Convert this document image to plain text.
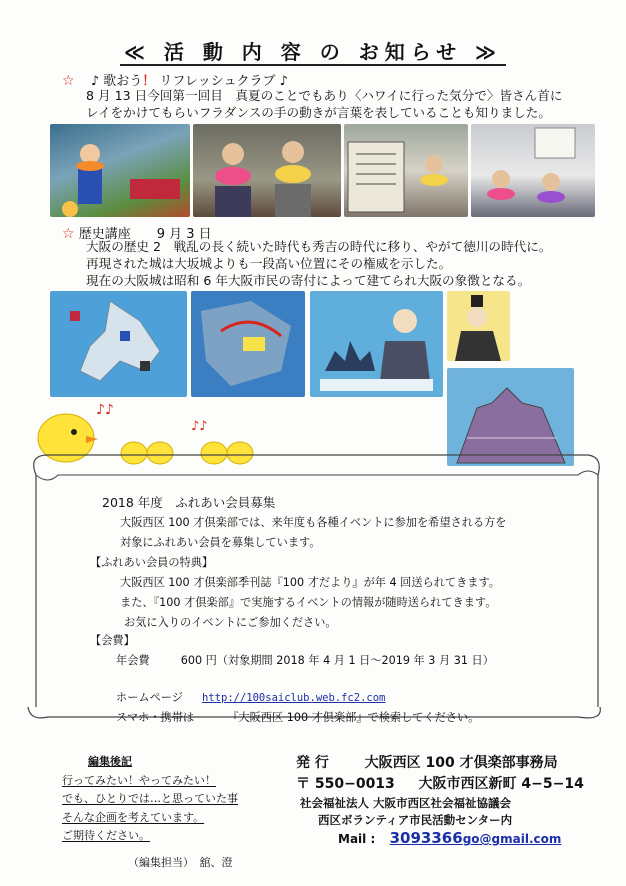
≪ 活 動 内 容 の お知らせ ≫
☆ ♪ 歌おう！ リフレッシュクラブ ♪
8 月 13 日今回第一回目　真夏のことでもあり〈ハワイに行った気分で〉皆さん首に
レイをかけてもらいフラダンスの手の動きが言葉を表していることも知りました。
☆ 歴史講座　　9 月 3 日
大阪の歴史 2　戦乱の長く続いた時代も秀吉の時代に移り、やがて徳川の時代に。
再現された城は大坂城よりも一段高い位置にその権威を示した。
現在の大阪城は昭和 6 年大阪市民の寄付によって建てられ大阪の象徴となる。
♪♪
♪♪
2018 年度　ふれあい会員募集
大阪西区 100 才倶楽部では、来年度も各種イベントに参加を希望される方を
対象にふれあい会員を募集しています。
【ふれあい会員の特典】
大阪西区 100 才倶楽部季刊誌『100 才だより』が年 4 回送られてきます。
また、『100 才倶楽部』で実施するイベントの情報が随時送られてきます。
お気に入りのイベントにご参加ください。
【会費】
年会費	600 円（対象期間 2018 年 4 月 1 日〜2019 年 3 月 31 日）
ホームページ http://100saiclub.web.fc2.com
スマホ・携帯は	『大阪西区 100 才倶楽部』で検索してください。
編集後記
行ってみたい！やってみたい！
でも、ひとりでは…と思っていた事
そんな企画を考えています。
ご期待ください。
（編集担当）　舘、澄
発 行	大阪西区 100 才倶楽部事務局
〒 550−0013 大阪市西区新町 4−5−14
社会福祉法人 大阪市西区社会福祉協議会
西区ボランティア市民活動センター内
Mail : 3093366go@gmail.com
